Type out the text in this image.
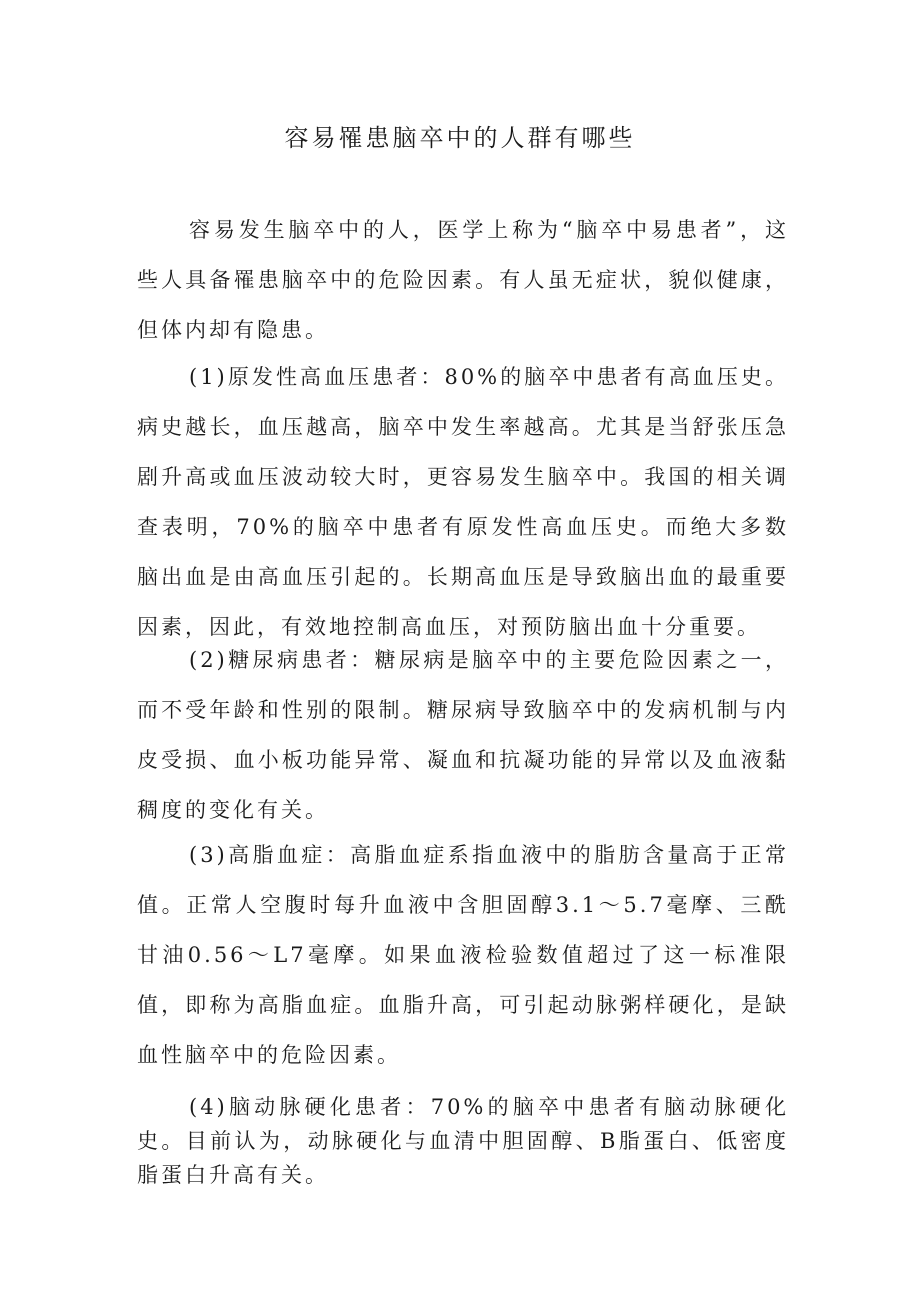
容易罹患脑卒中的人群有哪些

容易发生脑卒中的人，医学上称为“脑卒中易患者”，这些人具备罹患脑卒中的危险因素。有人虽无症状，貌似健康，但体内却有隐患。

(1)原发性高血压患者：80%的脑卒中患者有高血压史。病史越长，血压越高，脑卒中发生率越高。尤其是当舒张压急剧升高或血压波动较大时，更容易发生脑卒中。我国的相关调查表明，70%的脑卒中患者有原发性高血压史。而绝大多数脑出血是由高血压引起的。长期高血压是导致脑出血的最重要因素，因此，有效地控制高血压，对预防脑出血十分重要。

(2)糖尿病患者：糖尿病是脑卒中的主要危险因素之一，而不受年龄和性别的限制。糖尿病导致脑卒中的发病机制与内皮受损、血小板功能异常、凝血和抗凝功能的异常以及血液黏稠度的变化有关。

(3)高脂血症：高脂血症系指血液中的脂肪含量高于正常值。正常人空腹时每升血液中含胆固醇3.1～5.7毫摩、三酰甘油0.56～L7毫摩。如果血液检验数值超过了这一标准限值，即称为高脂血症。血脂升高，可引起动脉粥样硬化，是缺血性脑卒中的危险因素。

(4)脑动脉硬化患者：70%的脑卒中患者有脑动脉硬化史。目前认为，动脉硬化与血清中胆固醇、B脂蛋白、低密度脂蛋白升高有关。
